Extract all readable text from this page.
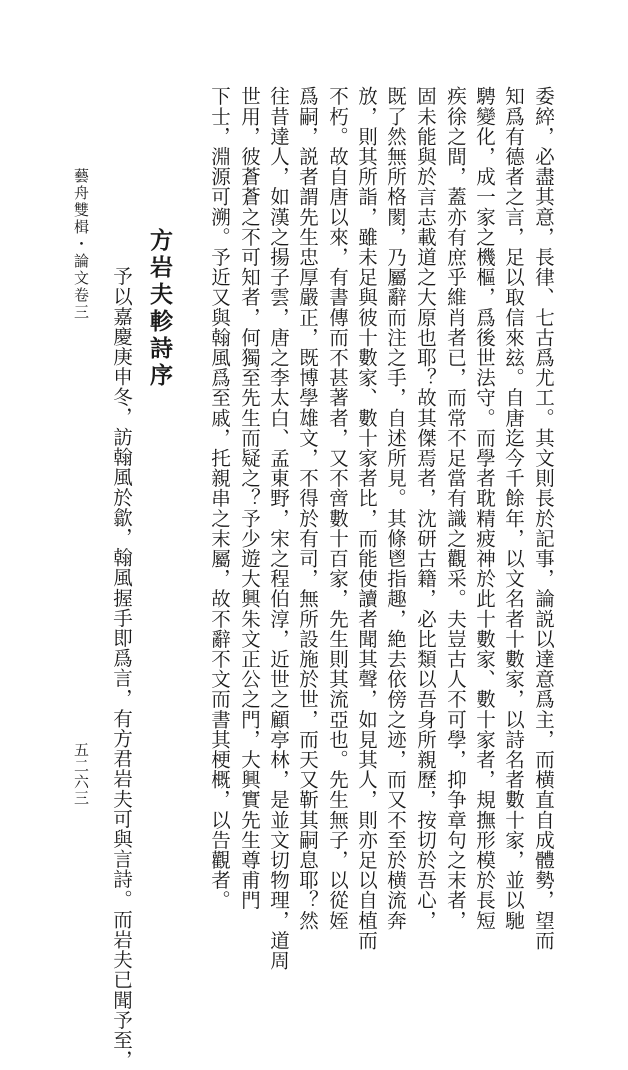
委綷，必盡其意，長律、七古爲尤工。其文則長於記事，論説以達意爲主，而横直自成體勢，望而
知爲有德者之言，足以取信來玆。自唐迄今千餘年，以文名者十數家，以詩名者數十家，並以馳
騁變化，成一家之機樞，爲後世法守。而學者耽精疲神於此十數家、數十家者，規撫形模於長短
疾徐之間，蓋亦有庶乎維肖者已，而常不足當有識之觀采。夫豈古人不可學，抑争章句之末者，
固未能與於言志載道之大原也耶？故其傑焉者，沈研古籍，必比類以吾身所親歷，按切於吾心，
既了然無所格閡，乃屬辭而注之手，自述所見。其條鬯指趣，絶去依傍之迹，而又不至於横流奔
放，則其所詣，雖未足與彼十數家、數十家者比，而能使讀者聞其聲，如見其人，則亦足以自植而
不朽。故自唐以來，有書傳而不甚著者，又不啻數十百家，先生則其流亞也。先生無子，以從姪
爲嗣，説者謂先生忠厚嚴正，既博學雄文，不得於有司，無所設施於世，而天又靳其嗣息耶？然
往昔達人，如漢之揚子雲，唐之李太白、孟東野，宋之程伯淳，近世之顧亭林，是並文切物理，道周
世用，彼蒼蒼之不可知者，何獨至先生而疑之？予少遊大興朱文正公之門，大興實先生尊甫門
下士，淵源可溯。予近又與翰風爲至戚，托親串之末屬，故不辭不文而書其梗概，以告觀者。
方岩夫軫詩序
予以嘉慶庚申冬，訪翰風於歙，翰風握手即爲言，有方君岩夫可與言詩。而岩夫已聞予至，
藝舟雙楫・論文卷三
五二六三
